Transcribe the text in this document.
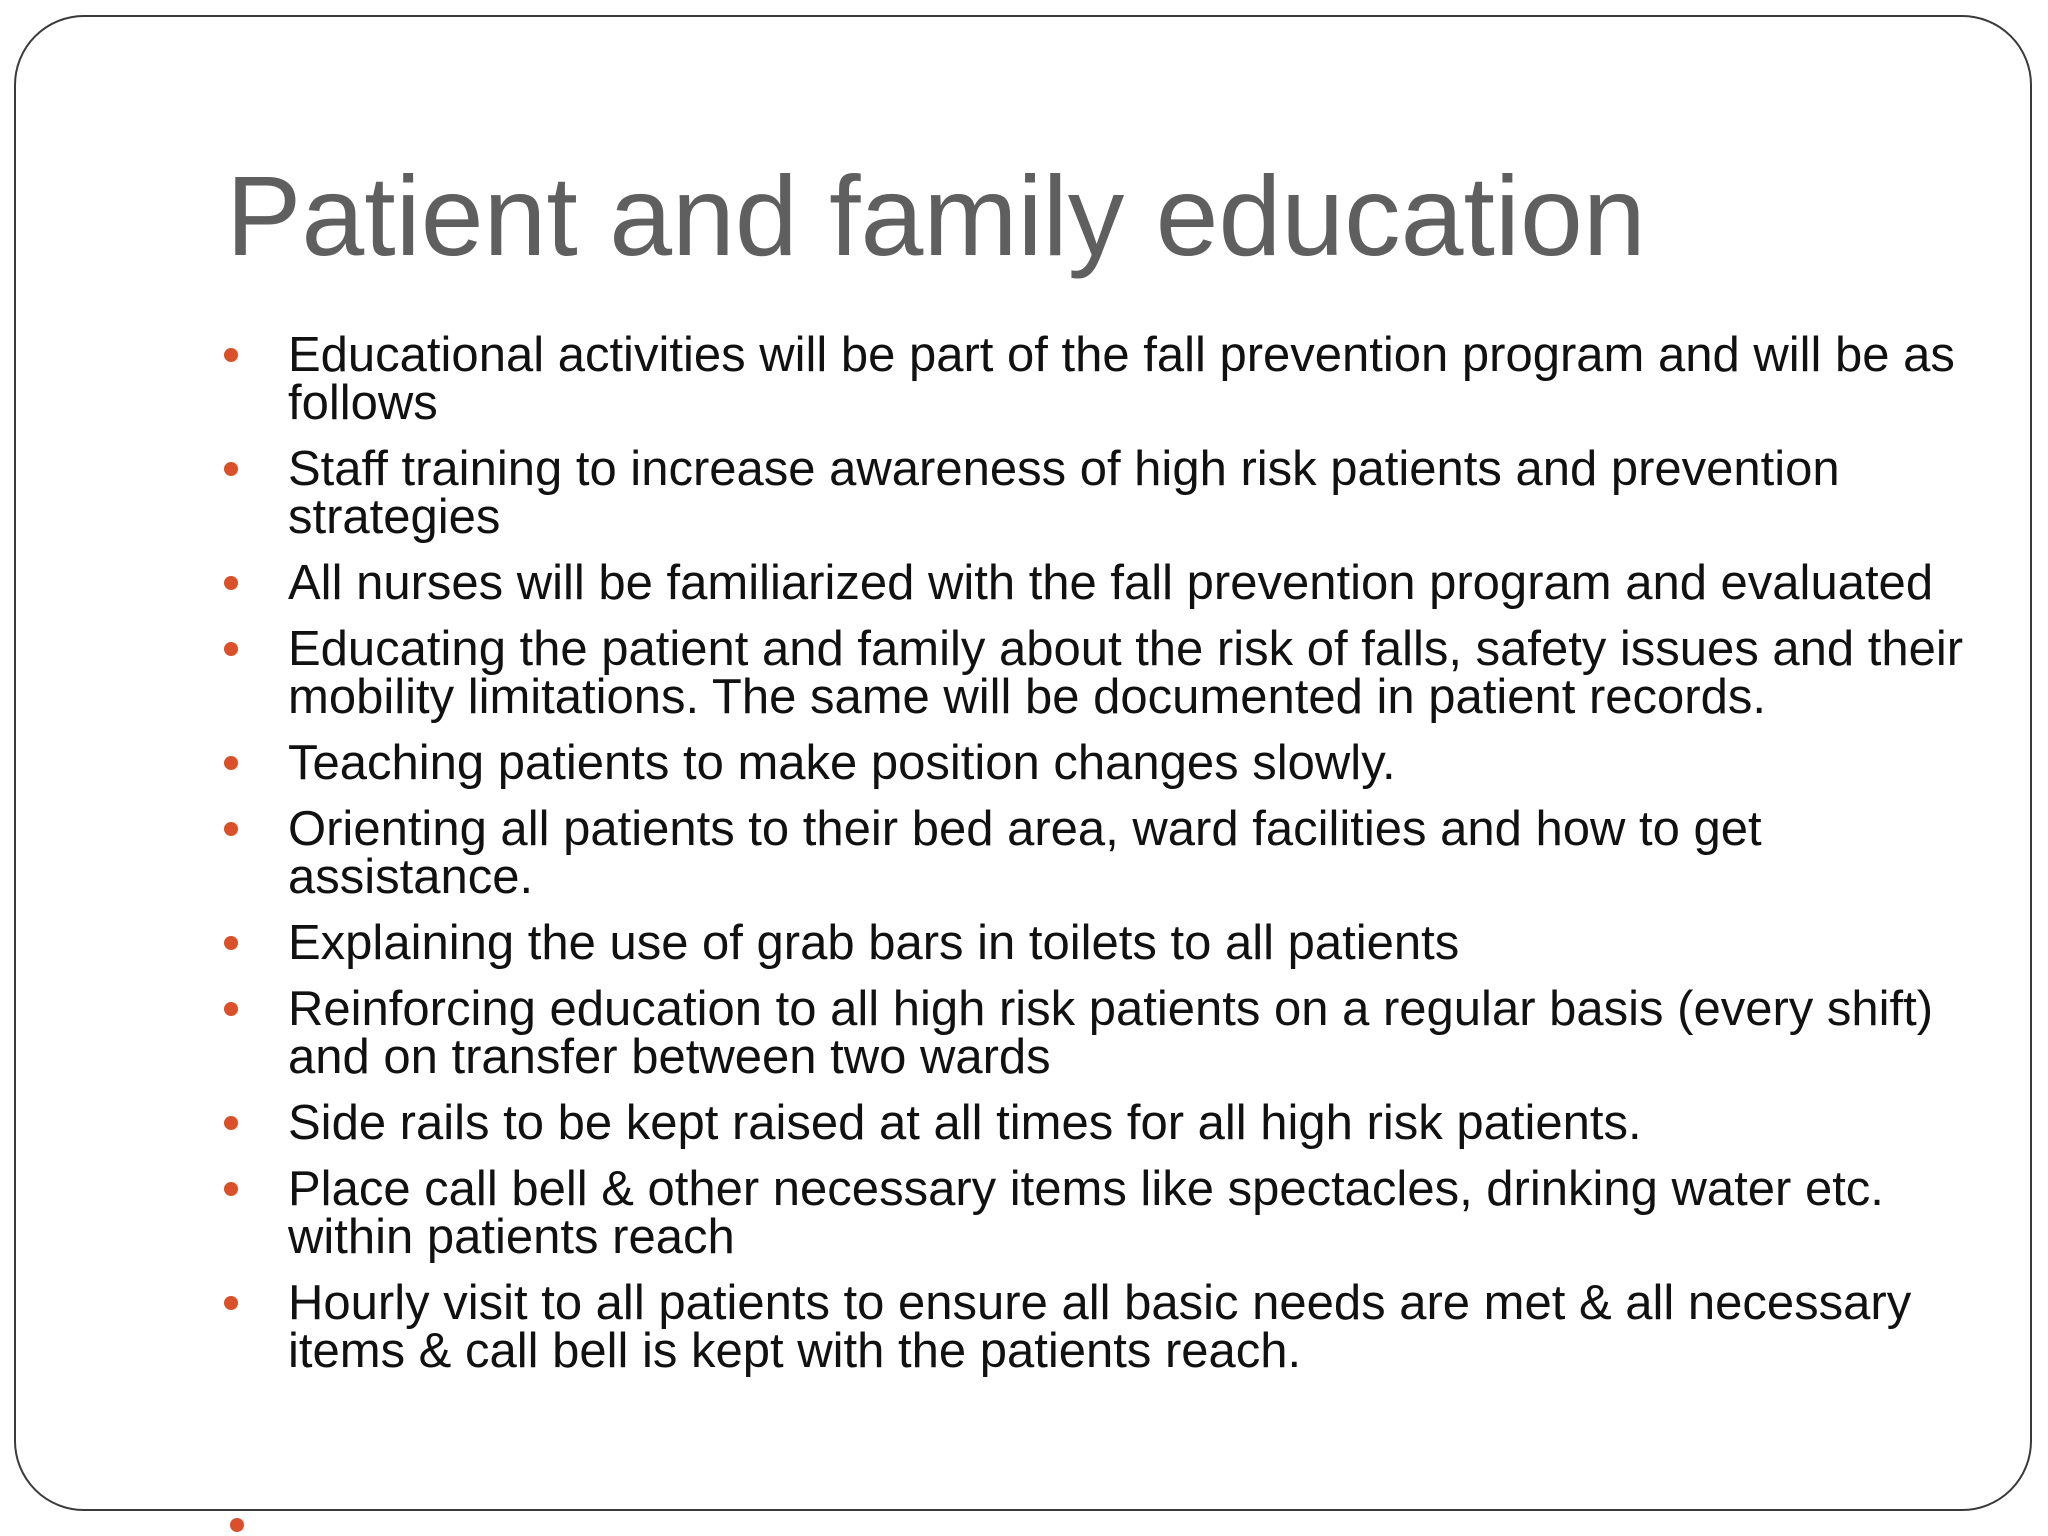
Patient and family education
Educational activities will be part of the fall prevention program and will be as follows
Staff training to increase awareness of high risk patients and prevention strategies
All nurses will be familiarized with the fall prevention program and evaluated
Educating the patient and family about the risk of falls, safety issues and their mobility limitations. The same will be documented in patient records.
Teaching patients to make position changes slowly.
Orienting all patients to their bed area, ward facilities and how to get assistance.
Explaining the use of grab bars in toilets to all patients
Reinforcing education to all high risk patients on a regular basis (every shift) and on transfer between two wards
Side rails to be kept raised at all times for all high risk patients.
Place call bell & other necessary items like spectacles, drinking water etc. within patients reach
Hourly visit to all patients to ensure all basic needs are met & all necessary items & call bell is kept with the patients reach.
